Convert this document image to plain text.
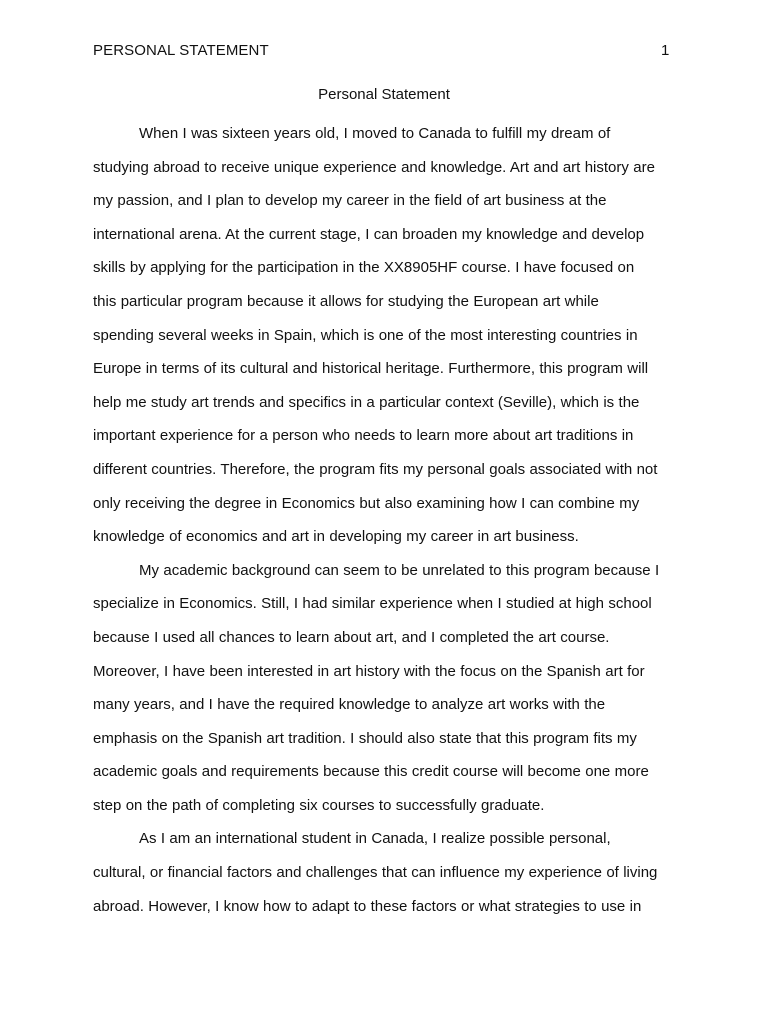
PERSONAL STATEMENT	1
Personal Statement
When I was sixteen years old, I moved to Canada to fulfill my dream of
studying abroad to receive unique experience and knowledge. Art and art history are
my passion, and I plan to develop my career in the field of art business at the
international arena. At the current stage, I can broaden my knowledge and develop
skills by applying for the participation in the XX8905HF course. I have focused on
this particular program because it allows for studying the European art while
spending several weeks in Spain, which is one of the most interesting countries in
Europe in terms of its cultural and historical heritage. Furthermore, this program will
help me study art trends and specifics in a particular context (Seville), which is the
important experience for a person who needs to learn more about art traditions in
different countries. Therefore, the program fits my personal goals associated with not
only receiving the degree in Economics but also examining how I can combine my
knowledge of economics and art in developing my career in art business.
My academic background can seem to be unrelated to this program because I
specialize in Economics. Still, I had similar experience when I studied at high school
because I used all chances to learn about art, and I completed the art course.
Moreover, I have been interested in art history with the focus on the Spanish art for
many years, and I have the required knowledge to analyze art works with the
emphasis on the Spanish art tradition. I should also state that this program fits my
academic goals and requirements because this credit course will become one more
step on the path of completing six courses to successfully graduate.
As I am an international student in Canada, I realize possible personal,
cultural, or financial factors and challenges that can influence my experience of living
abroad. However, I know how to adapt to these factors or what strategies to use in
